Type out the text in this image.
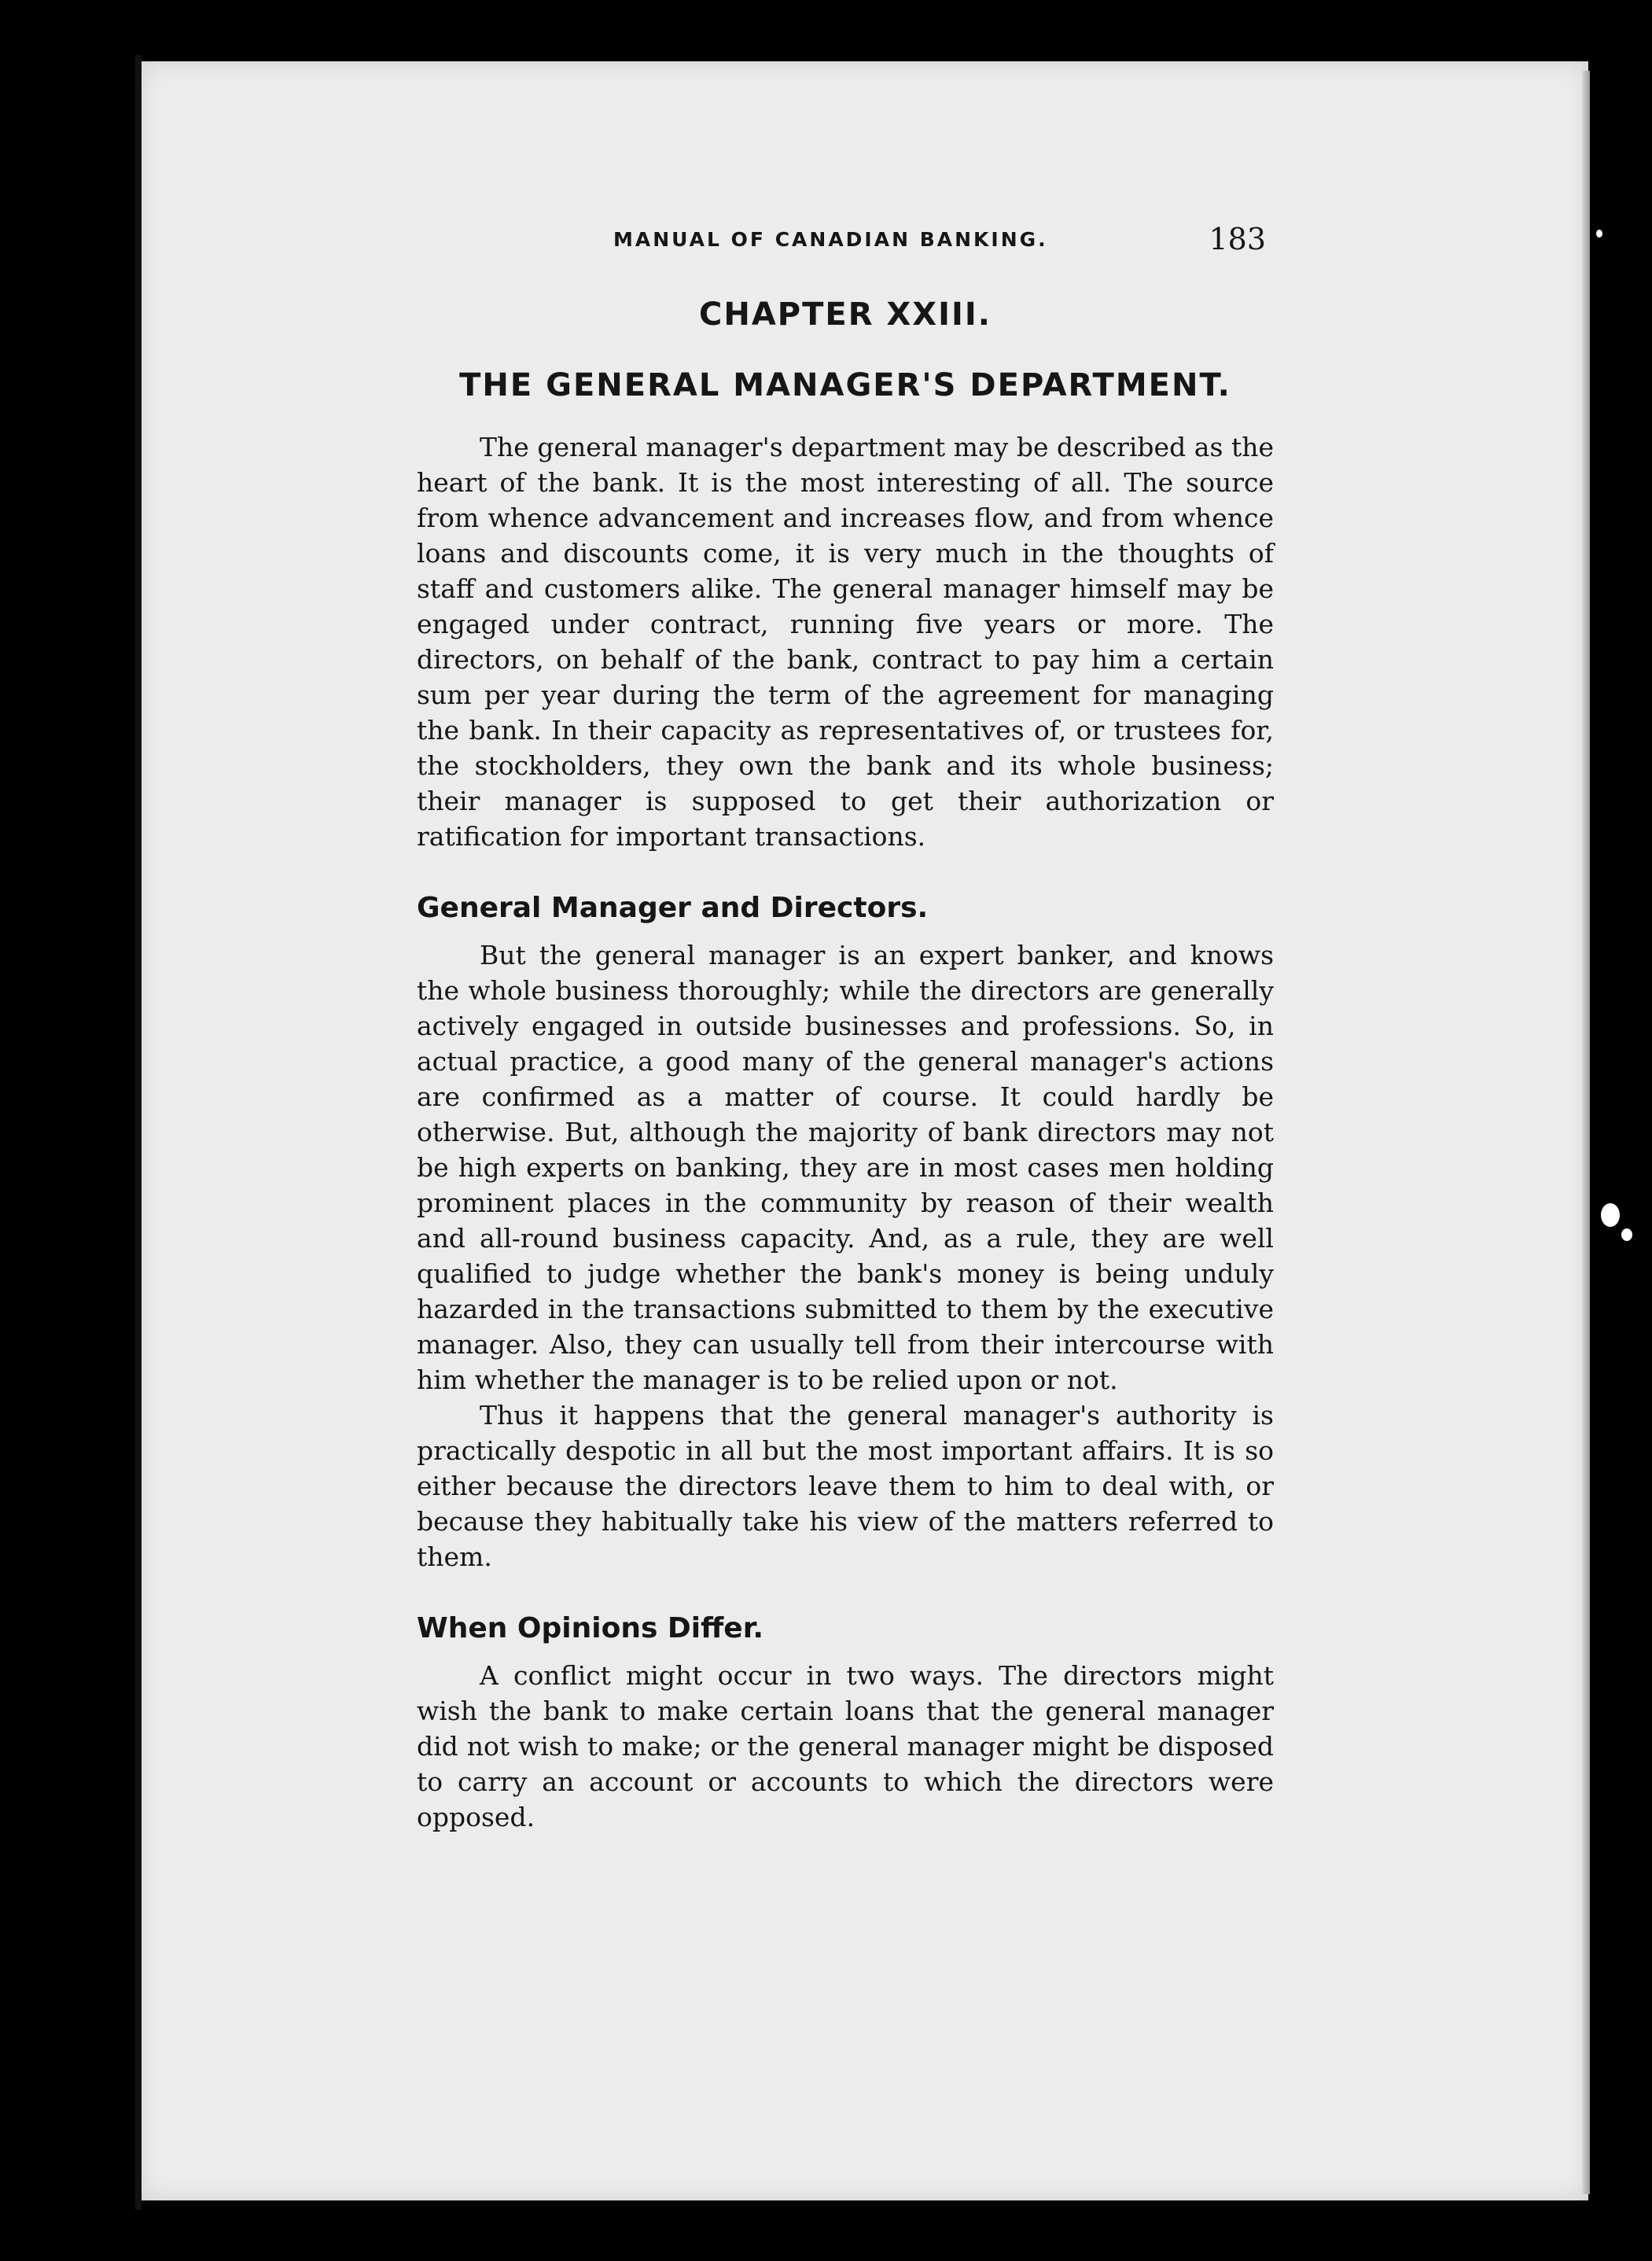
MANUAL OF CANADIAN BANKING.	183
CHAPTER XXIII.
THE GENERAL MANAGER'S DEPARTMENT.

The general manager's department may be described as the heart of the bank. It is the most interesting of all. The source from whence advancement and increases flow, and from whence loans and discounts come, it is very much in the thoughts of staff and customers alike. The general manager himself may be engaged under contract, running five years or more. The directors, on behalf of the bank, contract to pay him a certain sum per year during the term of the agreement for managing the bank. In their capacity as representatives of, or trustees for, the stockholders, they own the bank and its whole business; their manager is supposed to get their authorization or ratification for important transactions.

General Manager and Directors.

But the general manager is an expert banker, and knows the whole business thoroughly; while the directors are generally actively engaged in outside businesses and professions. So, in actual practice, a good many of the general manager's actions are confirmed as a matter of course. It could hardly be otherwise. But, although the majority of bank directors may not be high experts on banking, they are in most cases men holding prominent places in the community by reason of their wealth and all-round business capacity. And, as a rule, they are well qualified to judge whether the bank's money is being unduly hazarded in the transactions submitted to them by the executive manager. Also, they can usually tell from their intercourse with him whether the manager is to be relied upon or not.

Thus it happens that the general manager's authority is practically despotic in all but the most important affairs. It is so either because the directors leave them to him to deal with, or because they habitually take his view of the matters referred to them.

When Opinions Differ.

A conflict might occur in two ways. The directors might wish the bank to make certain loans that the general manager did not wish to make; or the general manager might be disposed to carry an account or accounts to which the directors were opposed.
